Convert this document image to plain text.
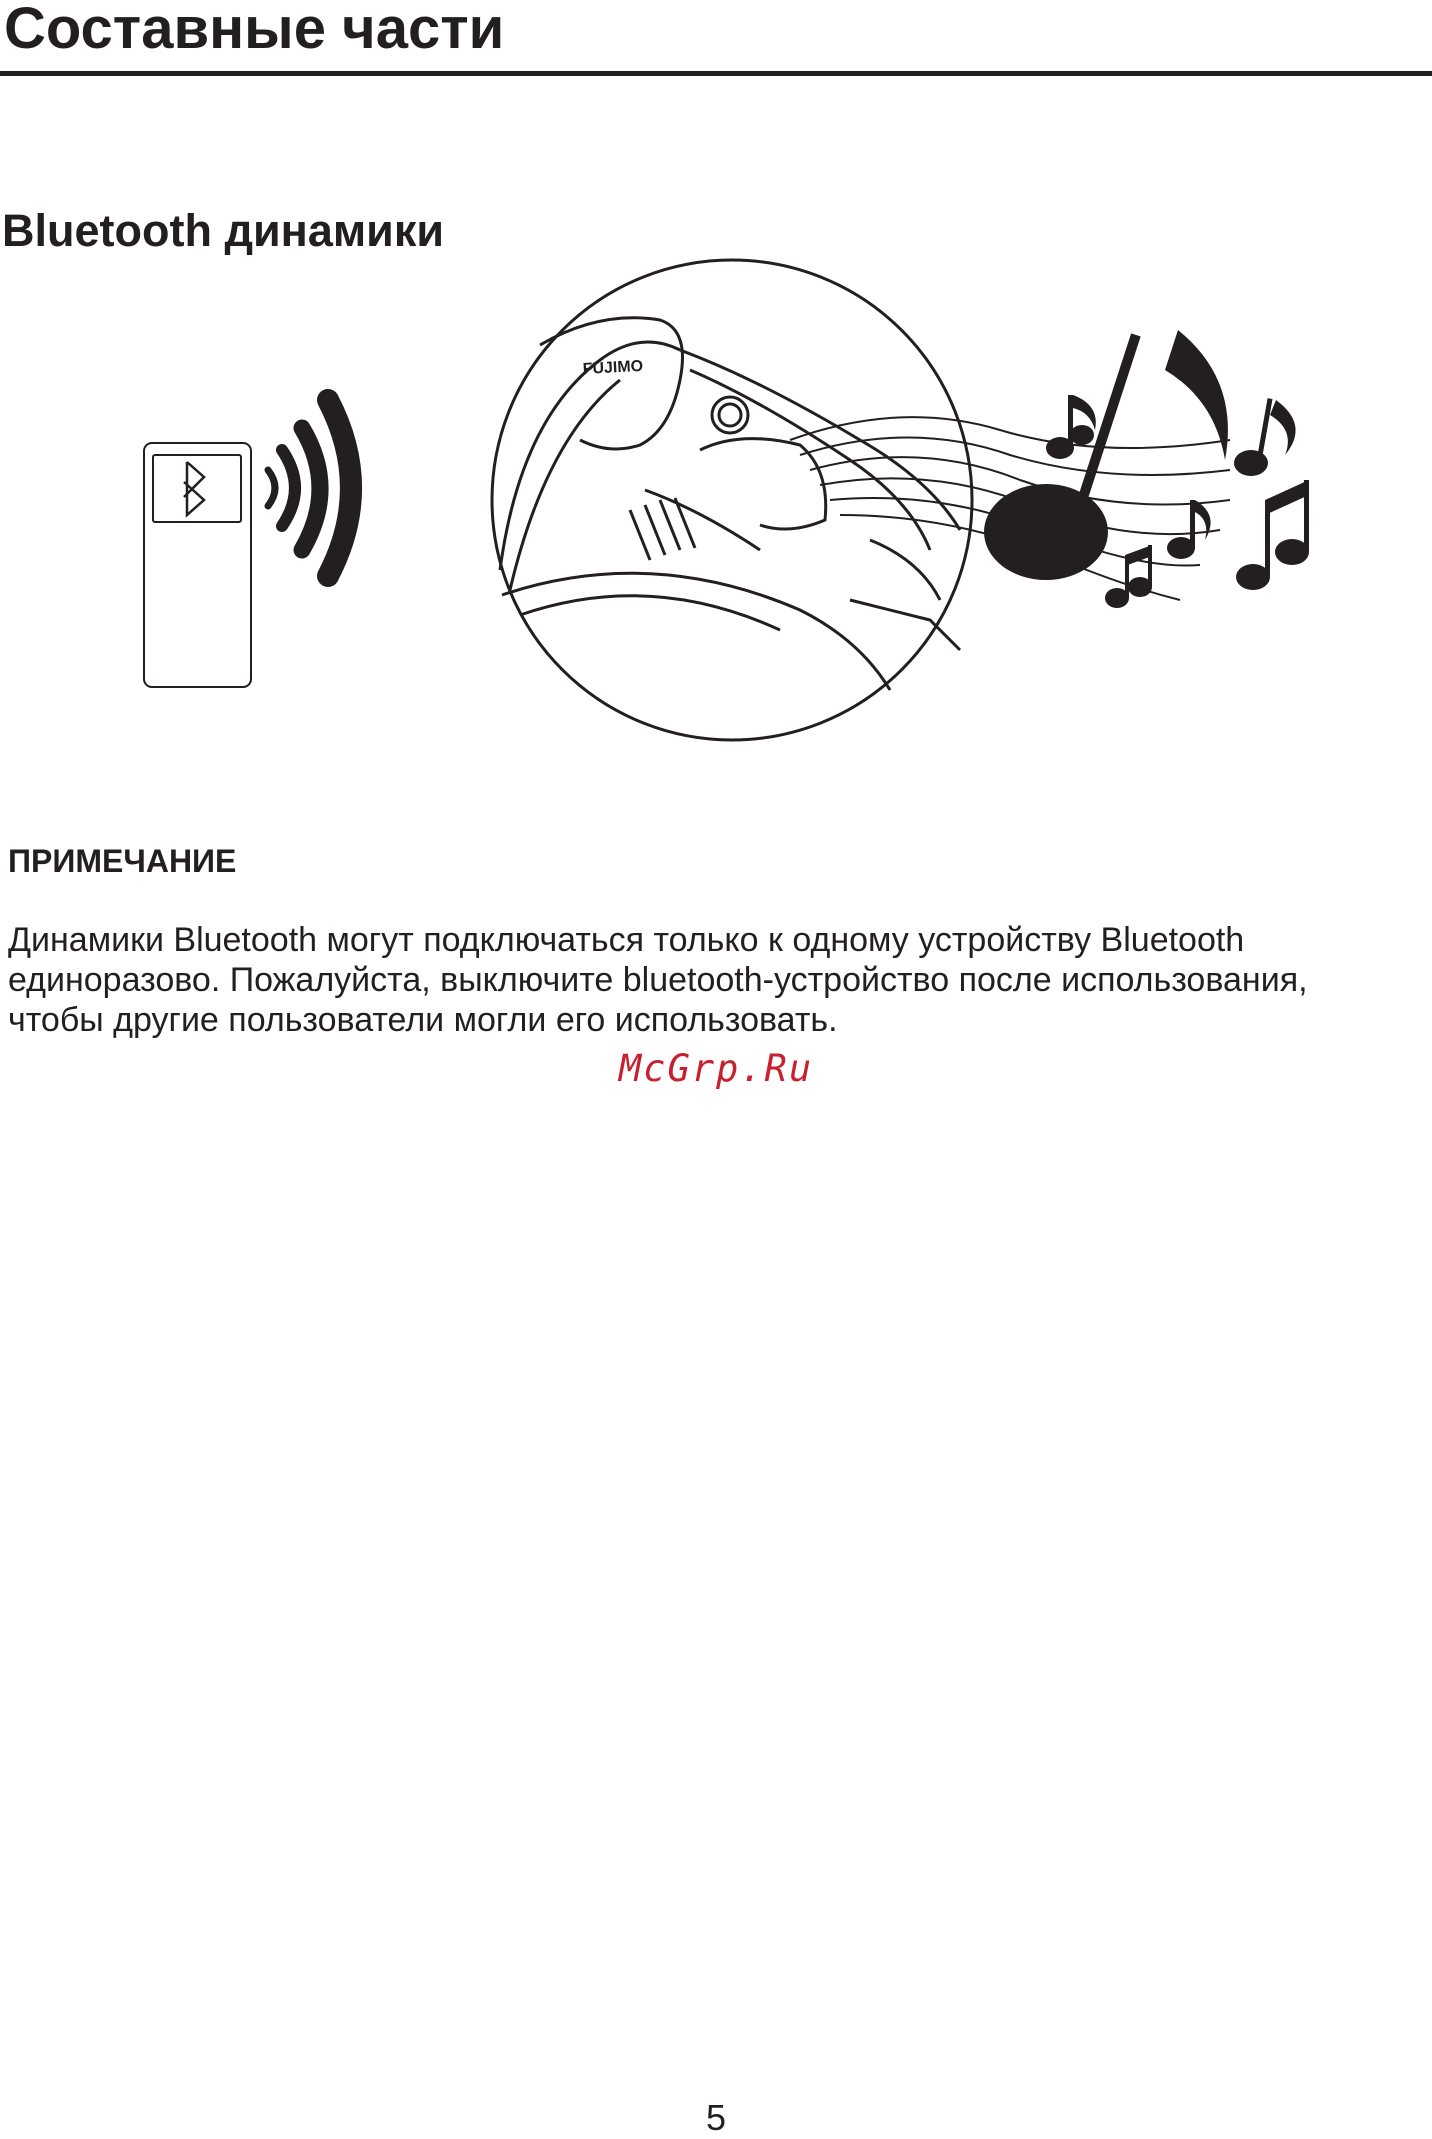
Составные части
Bluetooth динамики
FUJIMO
ПРИМЕЧАНИЕ
Динамики Bluetooth могут подключаться только к одному устройству Bluetooth
единоразово. Пожалуйста, выключите bluetooth-устройство после использования,
чтобы другие пользователи могли его использовать.
McGrp.Ru
5
